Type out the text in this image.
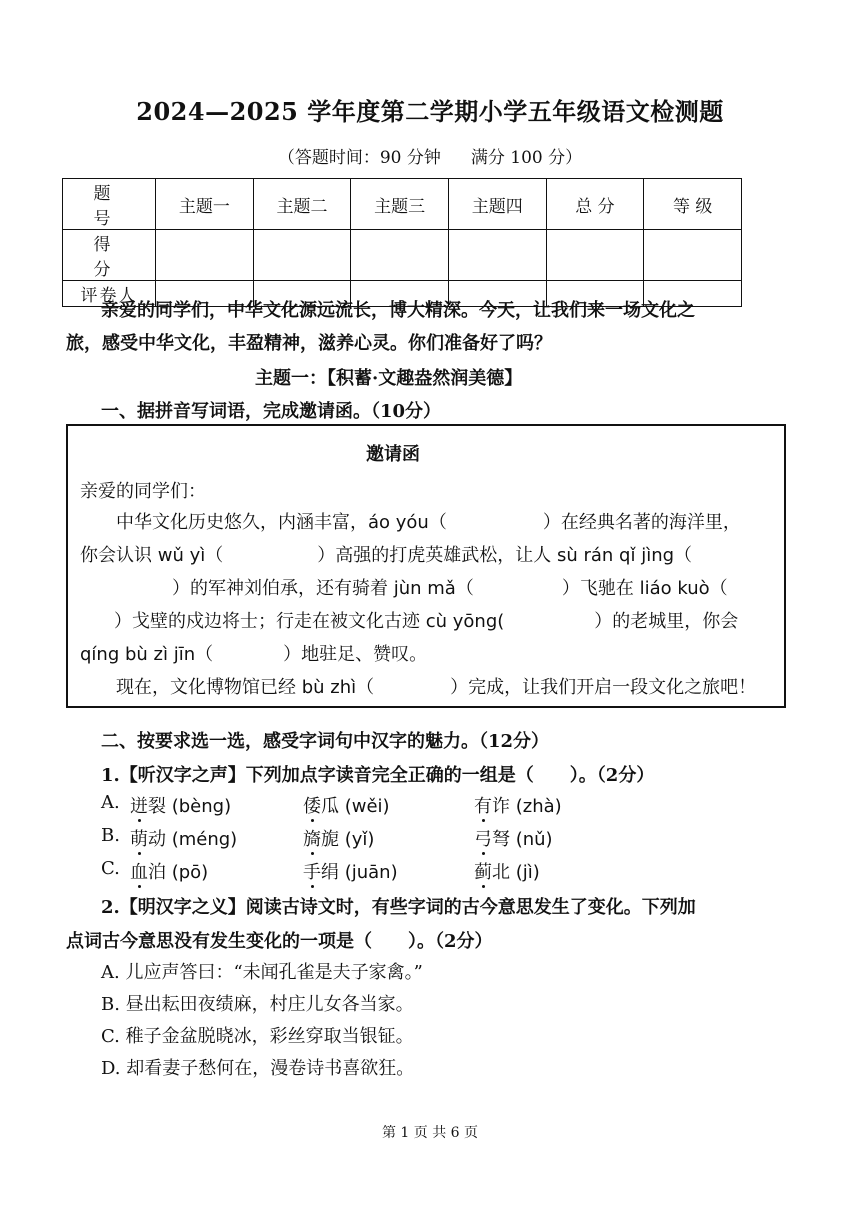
2024—2025 学年度第二学期小学五年级语文检测题
（答题时间：90 分钟 满分 100 分）
题　号	主题一	主题二	主题三	主题四	总 分	等 级
得　分						
评卷人						
亲爱的同学们，中华文化源远流长，博大精深。今天，让我们来一场文化之
旅，感受中华文化，丰盈精神，滋养心灵。你们准备好了吗？
主题一：【积蓄·文趣盎然润美德】
一、据拼音写词语，完成邀请函。（10分）
邀请函
亲爱的同学们：
中华文化历史悠久，内涵丰富，áo yóu（	）在经典名著的海洋里，
你会认识 wǔ yì（	）高强的打虎英雄武松，让人 sù rán qǐ jìng（
）的军神刘伯承，还有骑着 jùn mǎ（	）飞驰在 liáo kuò（
）戈壁的戍边将士；行走在被文化古迹 cù yōng(	）的老城里，你会
qíng bù zì jīn（	）地驻足、赞叹。
现在，文化博物馆已经 bù zhì（	）完成，让我们开启一段文化之旅吧！
二、按要求选一选，感受字词句中汉字的魅力。（12分）
1.【听汉字之声】下列加点字读音完全正确的一组是（　　）。（2分）
A. 迸裂 (bèng)	倭瓜 (wěi)	有诈 (zhà)
B. 萌动 (méng)	旖旎 (yǐ)	弓弩 (nǔ)
C. 血泊 (pō)	手绢 (juān)	蓟北 (jì)
2.【明汉字之义】阅读古诗文时，有些字词的古今意思发生了变化。下列加
点词古今意思没有发生变化的一项是（　　）。（2分）
A. 儿应声答曰：“未闻孔雀是夫子家禽。”
B. 昼出耘田夜绩麻，村庄儿女各当家。
C. 稚子金盆脱晓冰，彩丝穿取当银钲。
D. 却看妻子愁何在，漫卷诗书喜欲狂。
第 1 页 共 6 页
